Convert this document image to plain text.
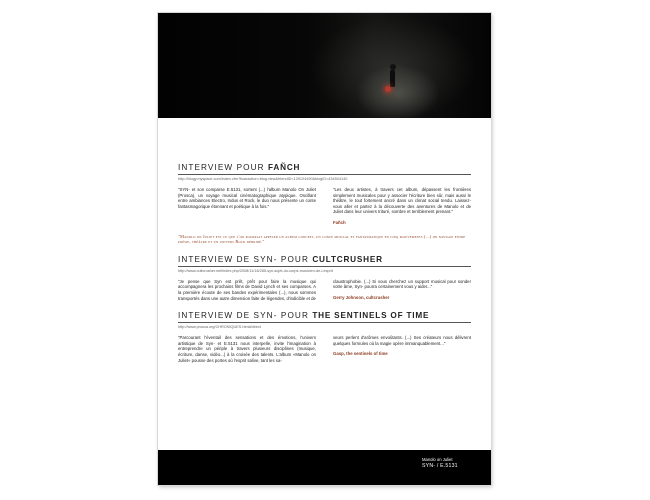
INTERVIEW POUR FAÑCH
http://blogy.myspace.com/index.cfm?fuseaction=blog.view&friendID=129104490&blogID=434504140

"SYN- et son comparse E.5131, sortent (...) l'album Manolo On Juliet (Prosca), un voyage musical cinématographique atypique. Oscillant entre ambiances Electro, Indus et Rock, le duo nous présente un conte fantasmagorique étonnant et poétique à la fois."

"Les deux artistes, à travers cet album, dépassent les frontières simplement musicales pour y associer l'écriture bien sûr, mais aussi le théâtre, le tout fortement ancré dans un climat social tendu. Laissez-vous aller et partez à la découverte des aventures de Manolo et de Juliet dans leur univers trituré, sombre et terriblement prenant."

Fañch
"Manolo on Juliet est ce que l'on pourrait appeler un album concept, un conte musical et fantasmatique en cinq mouvements (...) on navigue entre poésie, théâtre et un univers Rock débridé."
INTERVIEW DE SYN- POUR CULTCRUSHER
http://www.cultcrusher.net/index.php/2008/11/16/285-syn-sujet-du-corps-musicien-de-l-esprit

"Je pense que Syn est prêt, prêt pour faire la musique qui accompagnera les prochains films de David Lynch et ses comparses. A la première écoute de ses bandes expérimentales (...), nous sommes transportés dans une autre dimension faite de légendes, d'indicible et de

claustrophobie. (...) Si vous cherchez un support musical pour sonder votre âme, Syn- pourra certainement vous y aider..."

Gerry Johnson, cultcrusher
INTERVIEW DE SYN- POUR THE SENTINELS OF TIME
http://www.prosca.org/CHRONIQUES.html#direct

"Parcourant l'éventail des sensations et des émotions, l'univers artistique de Syn- et E.5131 nous interpelle, invite l'imagination à entreprendre un périple à travers plusieurs disciplines (musique, écriture, danse, vidéo...) à la croisée des talents. L'album «Manolo on Juliet» pousse des portes où l'esprit salive, tant les sa-

veurs perlent d'arômes envoûtants. (...) Ses créateurs nous délivrent quelques formules où la magie opère immanquablement..."

Gasp, the sentinels of time
Manolo on Juliet
SYN- / E.5131
